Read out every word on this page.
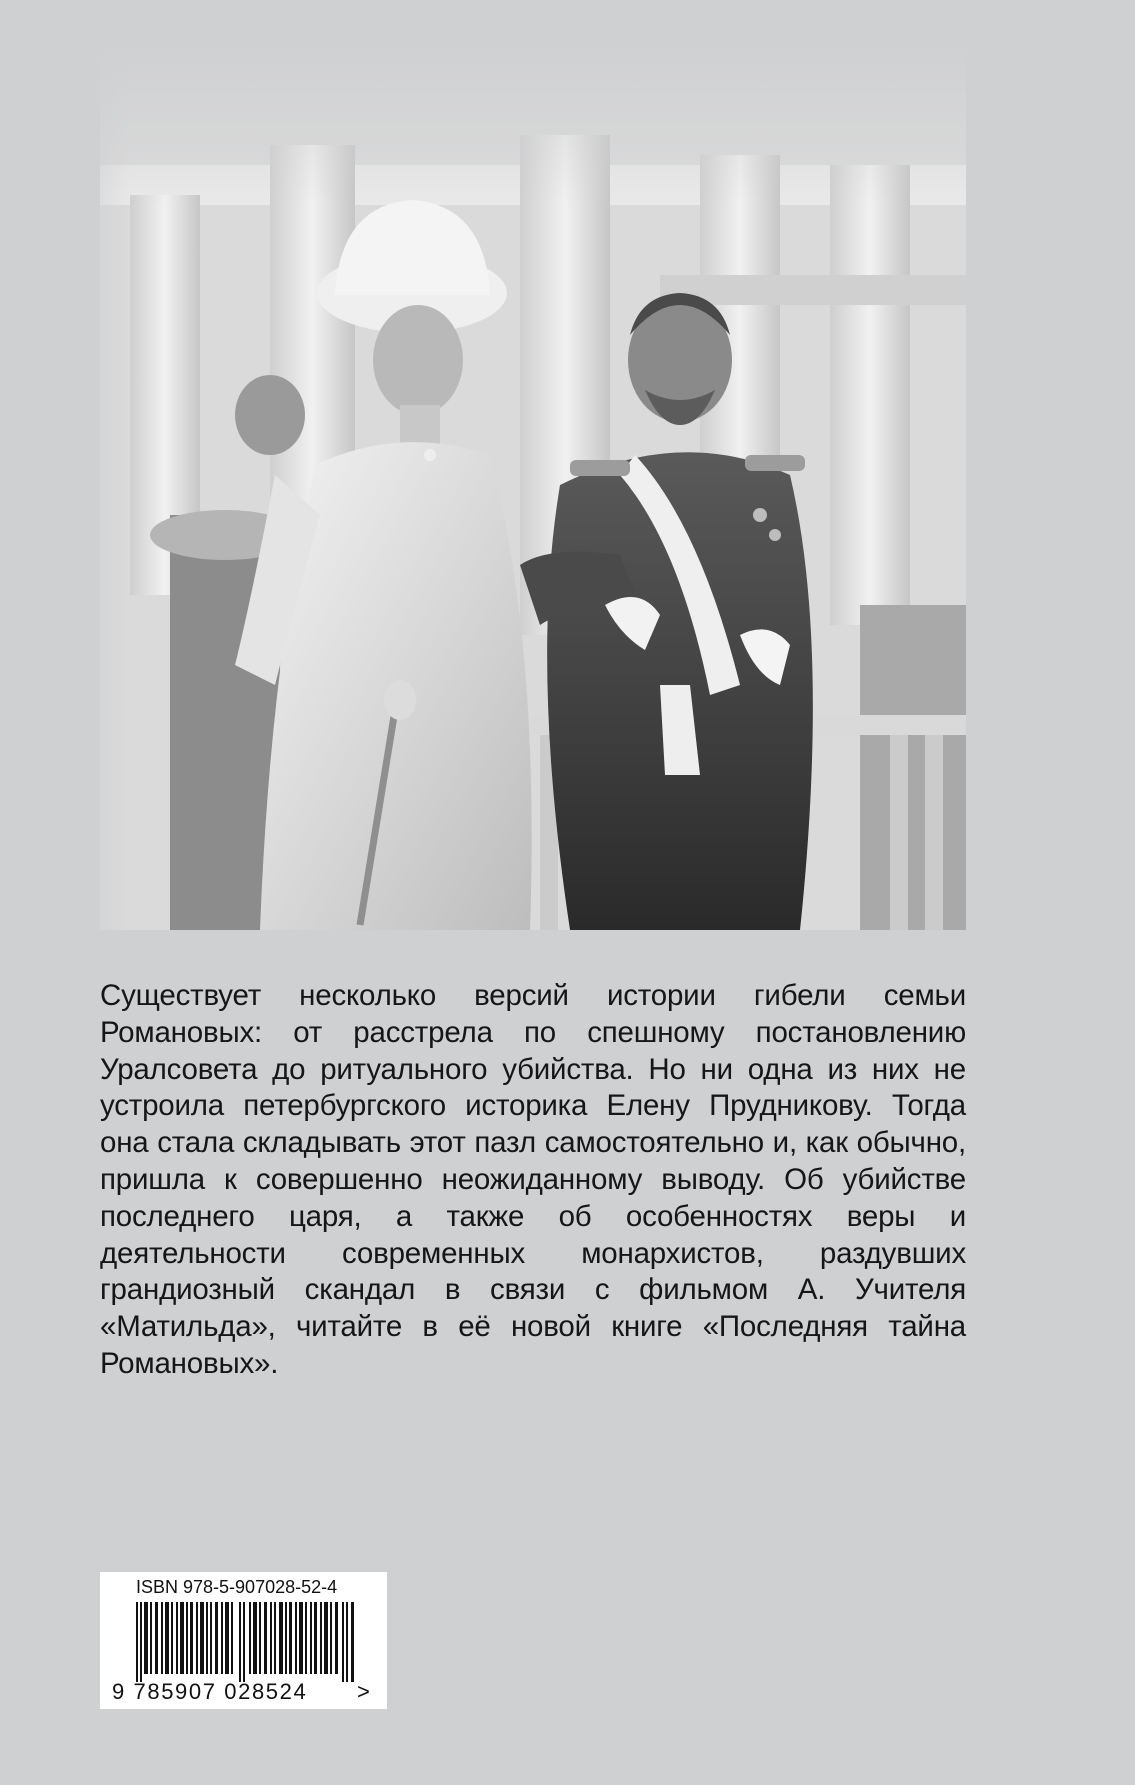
Существует несколько версий истории гибели семьи Романовых: от расстрела по спешному постановлению Уралсовета до ритуального убийства. Но ни одна из них не устроила петербургского историка Елену Прудникову. Тогда она стала складывать этот пазл самостоятельно и, как обычно, пришла к совершенно неожиданному выводу. Об убийстве последнего царя, а также об особенностях веры и деятельности современных монархистов, раздувших грандиозный скандал в связи с фильмом А. Учителя «Матильда», читайте в её новой книге «Последняя тайна Романовых».

ISBN 978-5-907028-52-4
9 785907 028524 >
